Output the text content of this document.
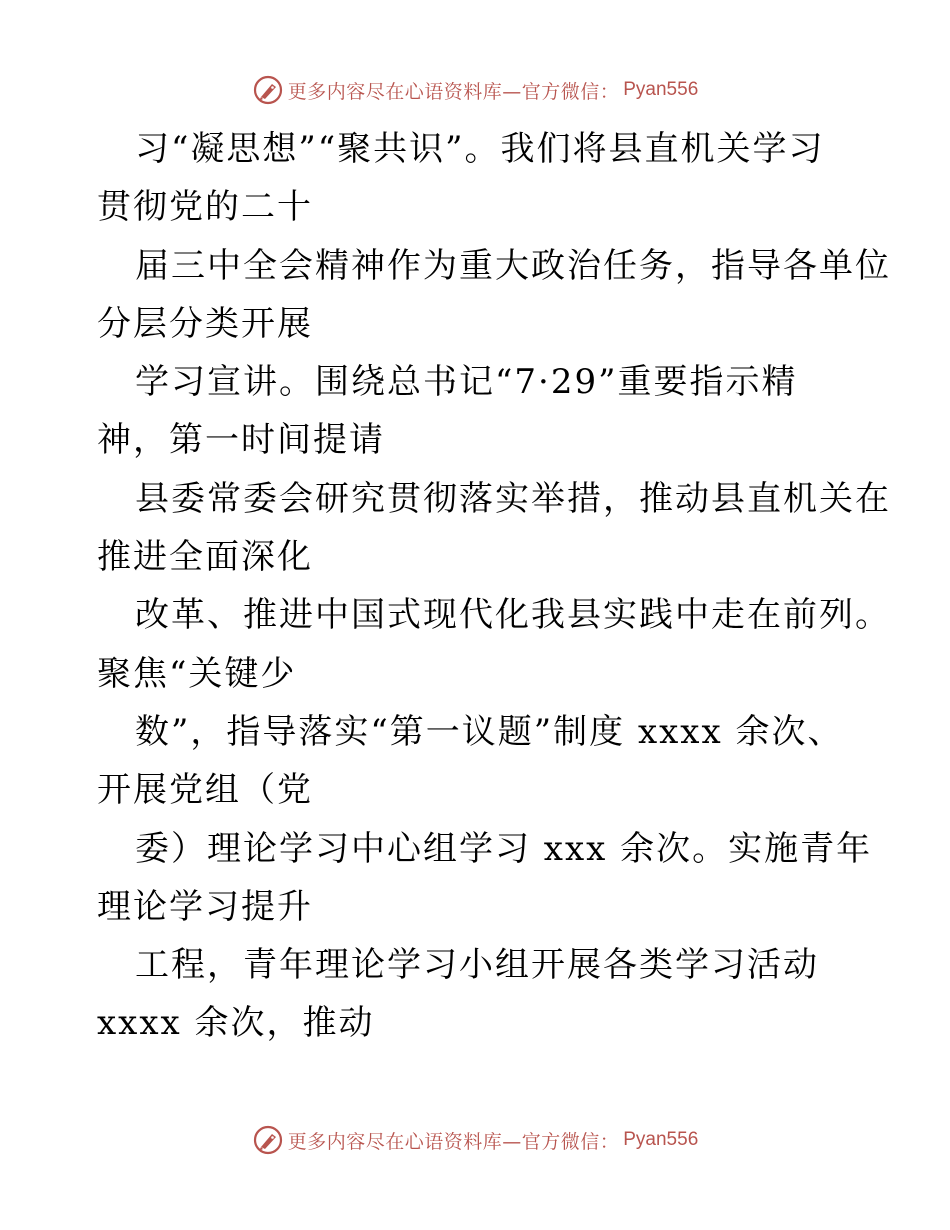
更多内容尽在心语资料库—官方微信： Pyan556
习“凝思想”“聚共识”。我们将县直机关学习
贯彻党的二十
届三中全会精神作为重大政治任务，指导各单位
分层分类开展
学习宣讲。围绕总书记“7·29”重要指示精
神，第一时间提请
县委常委会研究贯彻落实举措，推动县直机关在
推进全面深化
改革、推进中国式现代化我县实践中走在前列。
聚焦“关键少
数”，指导落实“第一议题”制度 xxxx 余次、
开展党组（党
委）理论学习中心组学习 xxx 余次。实施青年
理论学习提升
工程，青年理论学习小组开展各类学习活动
xxxx 余次，推动
更多内容尽在心语资料库—官方微信： Pyan556
